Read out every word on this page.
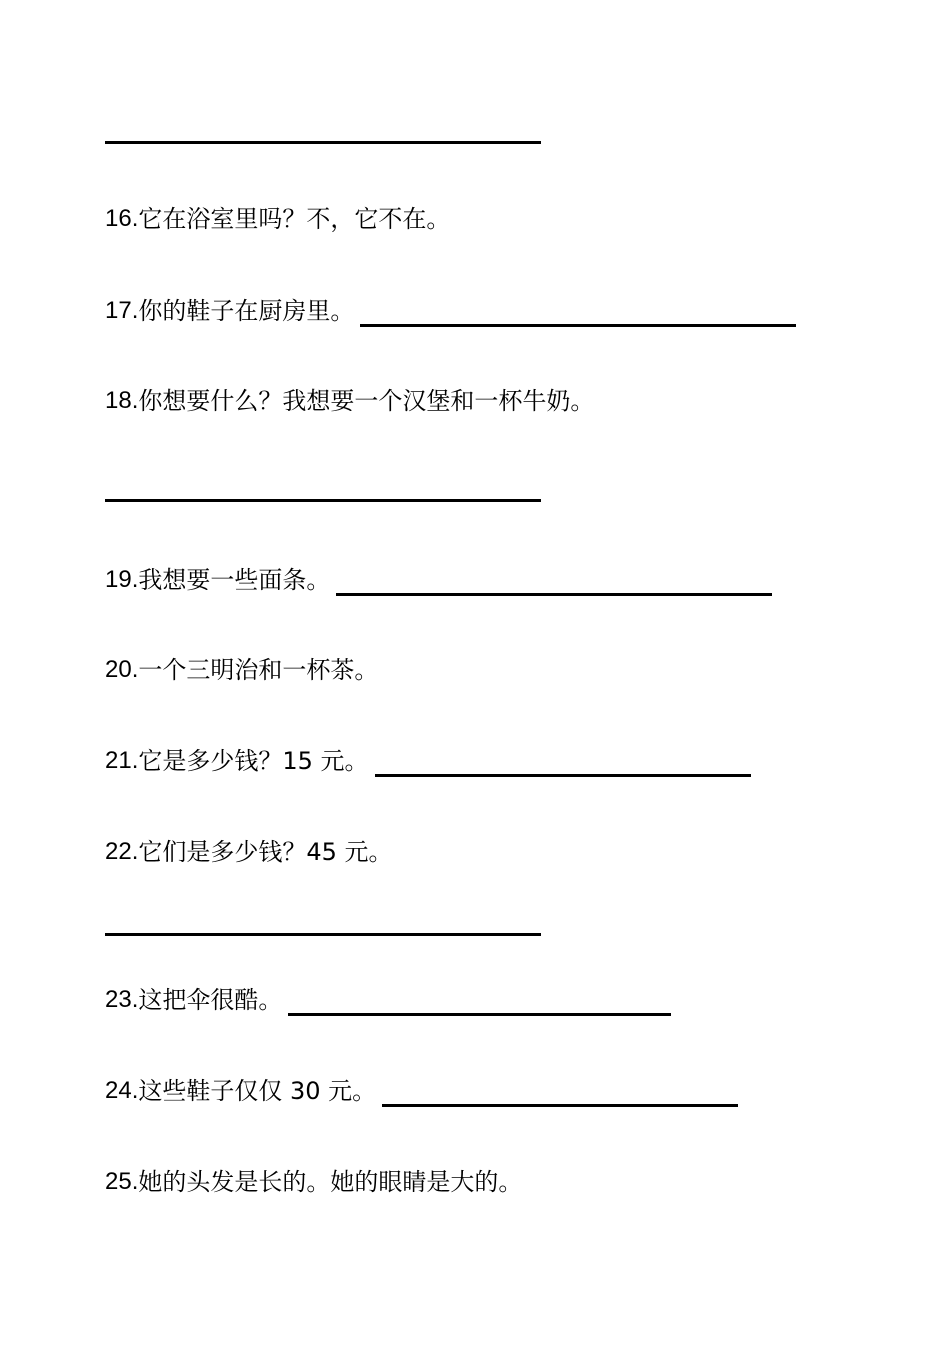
16. 它在浴室里吗？不，它不在。
17. 你的鞋子在厨房里。
18. 你想要什么？我想要一个汉堡和一杯牛奶。
19. 我想要一些面条。
20. 一个三明治和一杯茶。
21. 它是多少钱？15 元。
22. 它们是多少钱？45 元。
23. 这把伞很酷。
24. 这些鞋子仅仅 30 元。
25. 她的头发是长的。她的眼睛是大的。
